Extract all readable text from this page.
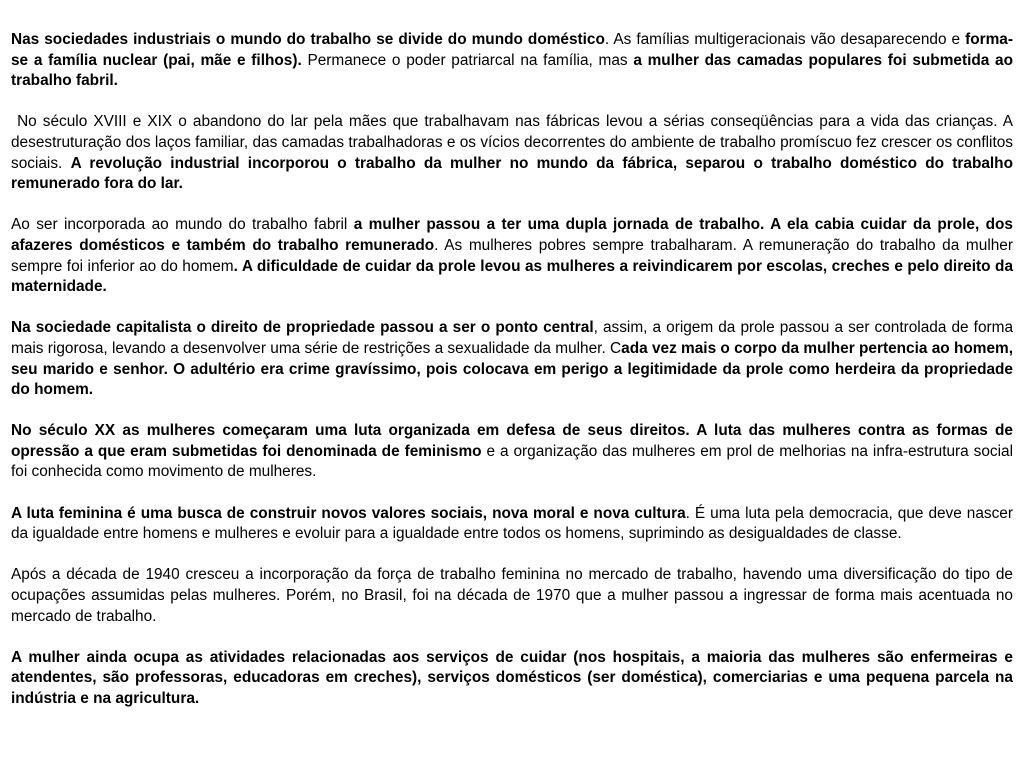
Nas sociedades industriais o mundo do trabalho se divide do mundo doméstico. As famílias multigeracionais vão desaparecendo e forma-se a família nuclear (pai, mãe e filhos). Permanece o poder patriarcal na família, mas a mulher das camadas populares foi submetida ao trabalho fabril.

No século XVIII e XIX o abandono do lar pela mães que trabalhavam nas fábricas levou a sérias conseqüências para a vida das crianças. A desestruturação dos laços familiar, das camadas trabalhadoras e os vícios decorrentes do ambiente de trabalho promíscuo fez crescer os conflitos sociais. A revolução industrial incorporou o trabalho da mulher no mundo da fábrica, separou o trabalho doméstico do trabalho remunerado fora do lar.

Ao ser incorporada ao mundo do trabalho fabril a mulher passou a ter uma dupla jornada de trabalho. A ela cabia cuidar da prole, dos afazeres domésticos e também do trabalho remunerado. As mulheres pobres sempre trabalharam. A remuneração do trabalho da mulher sempre foi inferior ao do homem. A dificuldade de cuidar da prole levou as mulheres a reivindicarem por escolas, creches e pelo direito da maternidade.

Na sociedade capitalista o direito de propriedade passou a ser o ponto central, assim, a origem da prole passou a ser controlada de forma mais rigorosa, levando a desenvolver uma série de restrições a sexualidade da mulher. Cada vez mais o corpo da mulher pertencia ao homem, seu marido e senhor. O adultério era crime gravíssimo, pois colocava em perigo a legitimidade da prole como herdeira da propriedade do homem.

No século XX as mulheres começaram uma luta organizada em defesa de seus direitos. A luta das mulheres contra as formas de opressão a que eram submetidas foi denominada de feminismo e a organização das mulheres em prol de melhorias na infra-estrutura social foi conhecida como movimento de mulheres.

A luta feminina é uma busca de construir novos valores sociais, nova moral e nova cultura. É uma luta pela democracia, que deve nascer da igualdade entre homens e mulheres e evoluir para a igualdade entre todos os homens, suprimindo as desigualdades de classe.

Após a década de 1940 cresceu a incorporação da força de trabalho feminina no mercado de trabalho, havendo uma diversificação do tipo de ocupações assumidas pelas mulheres. Porém, no Brasil, foi na década de 1970 que a mulher passou a ingressar de forma mais acentuada no mercado de trabalho.

A mulher ainda ocupa as atividades relacionadas aos serviços de cuidar (nos hospitais, a maioria das mulheres são enfermeiras e atendentes, são professoras, educadoras em creches), serviços domésticos (ser doméstica), comerciarias e uma pequena parcela na indústria e na agricultura.
